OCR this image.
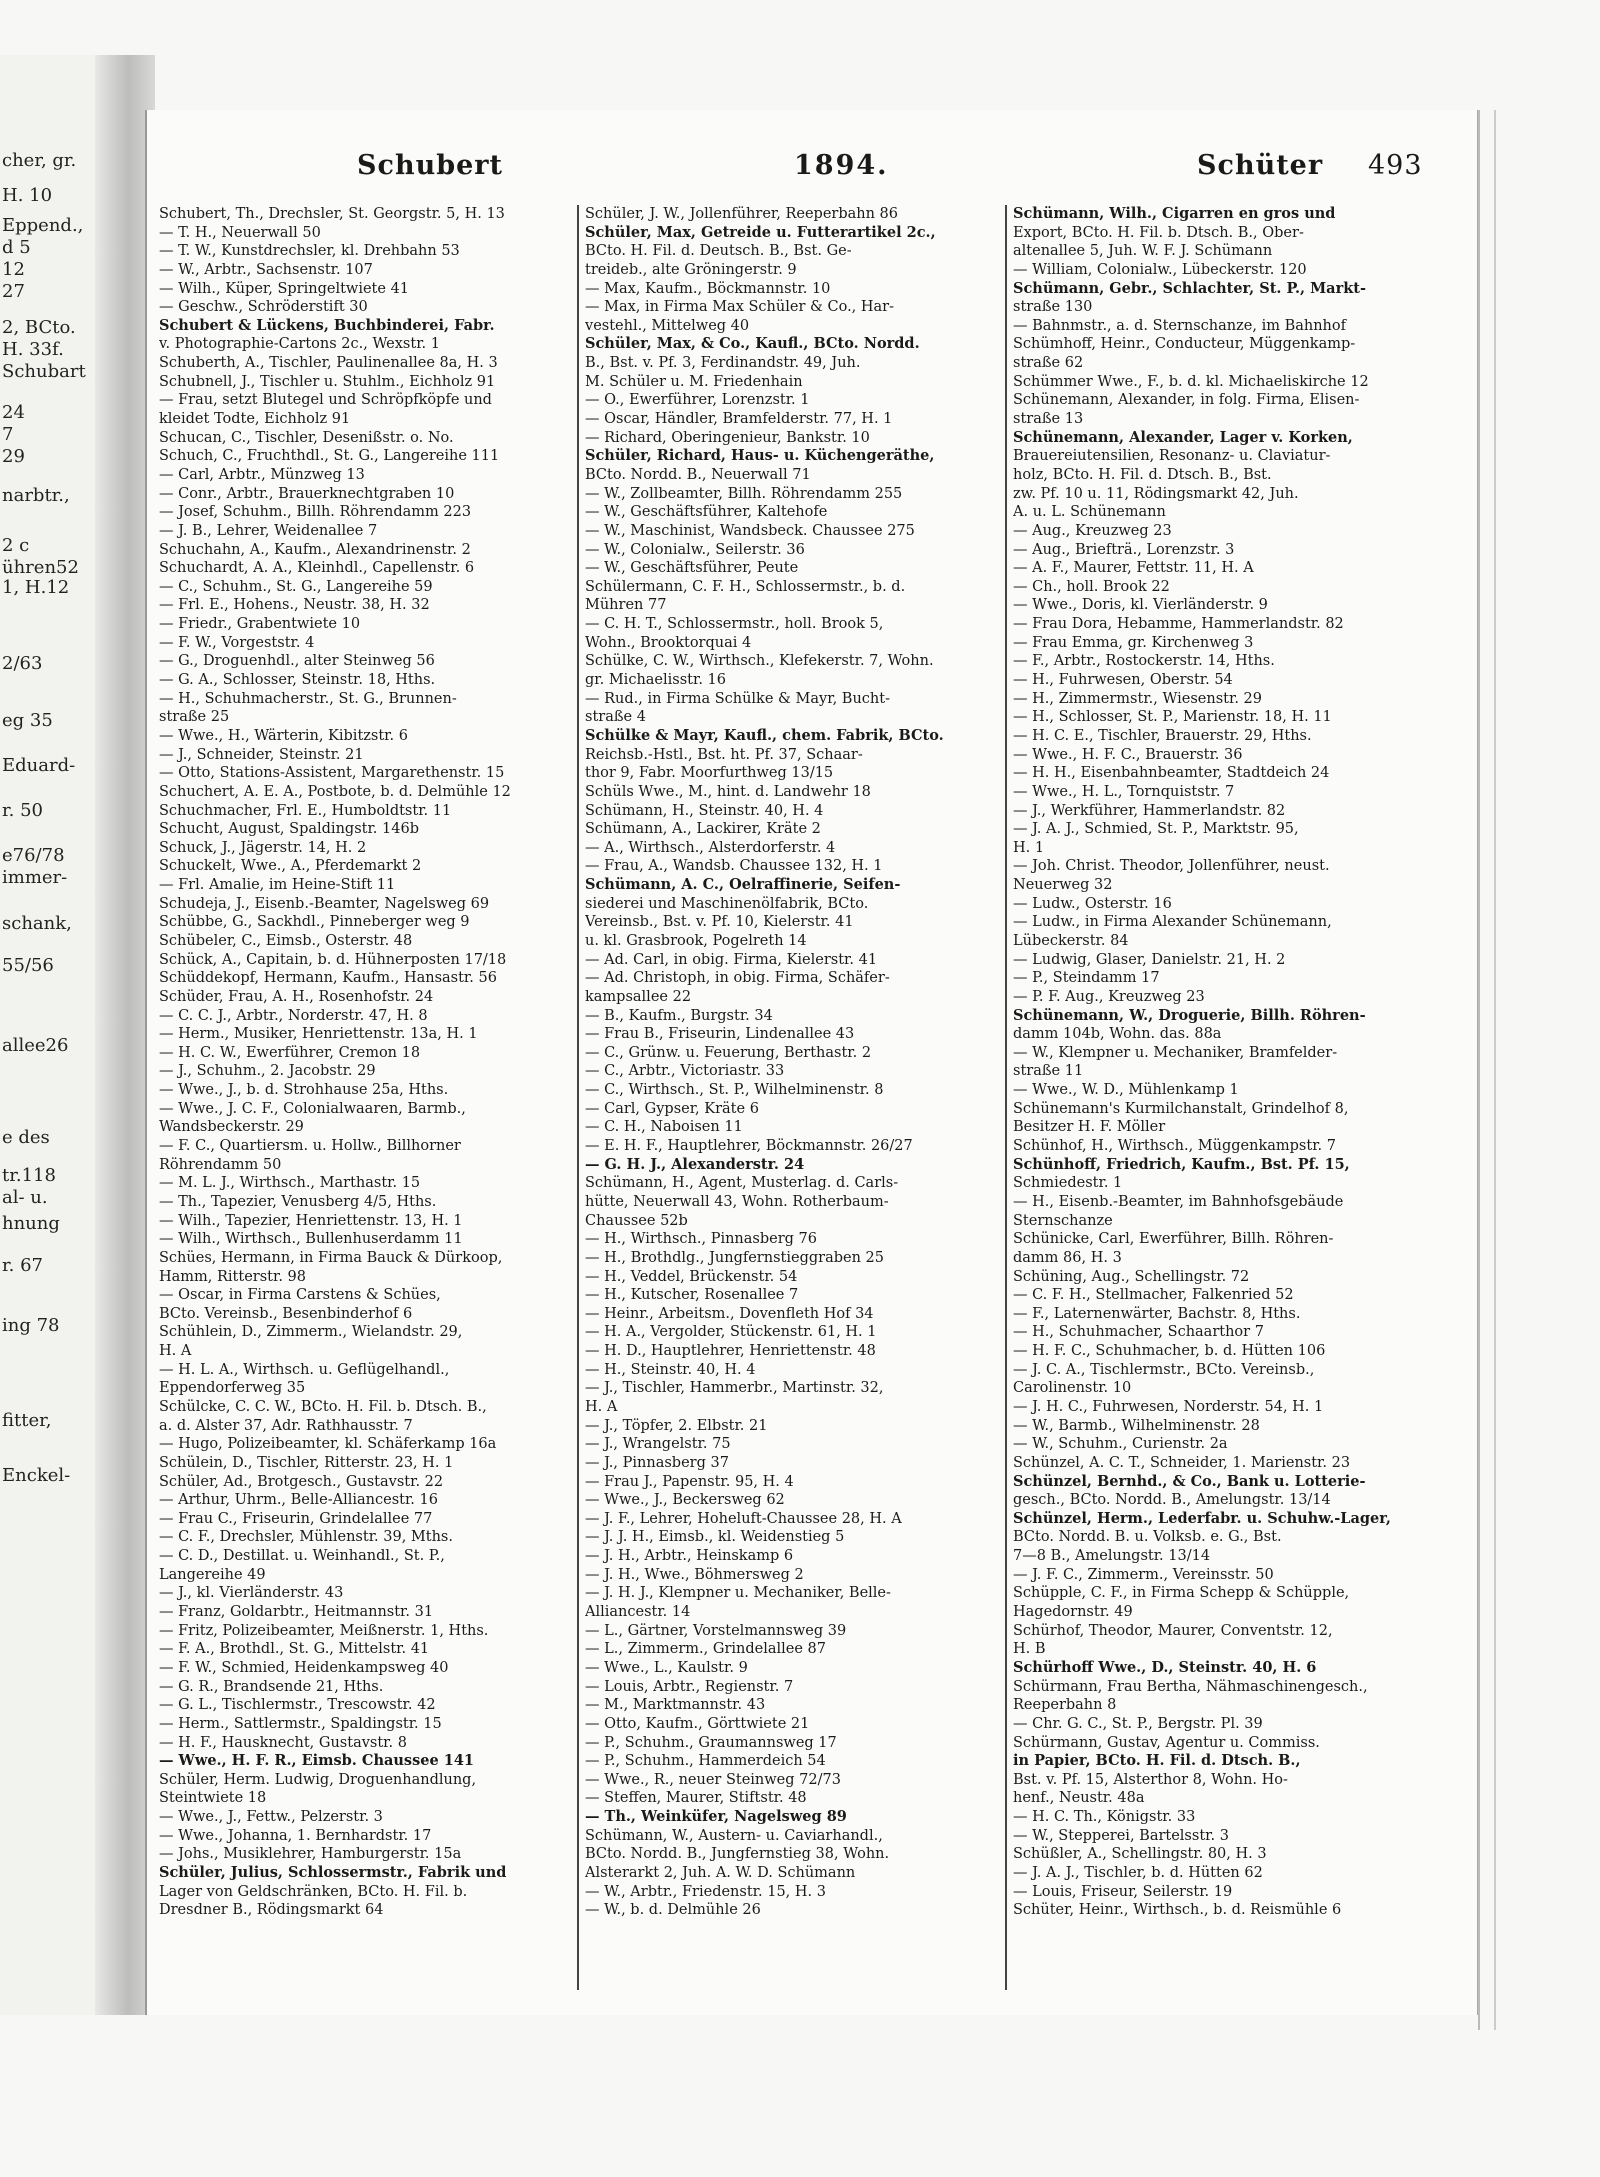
cher, gr.
H. 10
Eppend.,
d 5
12
27
2, BCto.
H. 33f.
Schubart
24
7
29
narbtr.,
2 c
ühren52
1, H.12
2/63
eg 35
Eduard-
r. 50
e76/78
immer-
schank,
55/56
allee26
e des
tr.118
al- u.
hnung
r. 67
ing 78
fitter,
Enckel-
Schubert	1894.	Schüter 493
Schubert, Th., Drechsler, St. Georgstr. 5, H. 13
— T. H., Neuerwall 50
— T. W., Kunstdrechsler, kl. Drehbahn 53
— W., Arbtr., Sachsenstr. 107
— Wilh., Küper, Springeltwiete 41
— Geschw., Schröderstift 30
Schubert & Lückens, Buchbinderei, Fabr.
v. Photographie-Cartons 2c., Wexstr. 1
Schuberth, A., Tischler, Paulinenallee 8a, H. 3
Schubnell, J., Tischler u. Stuhlm., Eichholz 91
— Frau, setzt Blutegel und Schröpfköpfe und
kleidet Todte, Eichholz 91
Schucan, C., Tischler, Desenißstr. o. No.
Schuch, C., Fruchthdl., St. G., Langereihe 111
— Carl, Arbtr., Münzweg 13
— Conr., Arbtr., Brauerknechtgraben 10
— Josef, Schuhm., Billh. Röhrendamm 223
— J. B., Lehrer, Weidenallee 7
Schuchahn, A., Kaufm., Alexandrinenstr. 2
Schuchardt, A. A., Kleinhdl., Capellenstr. 6
— C., Schuhm., St. G., Langereihe 59
— Frl. E., Hohens., Neustr. 38, H. 32
— Friedr., Grabentwiete 10
— F. W., Vorgeststr. 4
— G., Droguenhdl., alter Steinweg 56
— G. A., Schlosser, Steinstr. 18, Hths.
— H., Schuhmacherstr., St. G., Brunnen-
straße 25
— Wwe., H., Wärterin, Kibitzstr. 6
— J., Schneider, Steinstr. 21
— Otto, Stations-Assistent, Margarethenstr. 15
Schuchert, A. E. A., Postbote, b. d. Delmühle 12
Schuchmacher, Frl. E., Humboldtstr. 11
Schucht, August, Spaldingstr. 146b
Schuck, J., Jägerstr. 14, H. 2
Schuckelt, Wwe., A., Pferdemarkt 2
— Frl. Amalie, im Heine-Stift 11
Schudeja, J., Eisenb.-Beamter, Nagelsweg 69
Schübbe, G., Sackhdl., Pinneberger weg 9
Schübeler, C., Eimsb., Osterstr. 48
Schück, A., Capitain, b. d. Hühnerposten 17/18
Schüddekopf, Hermann, Kaufm., Hansastr. 56
Schüder, Frau, A. H., Rosenhofstr. 24
— C. C. J., Arbtr., Norderstr. 47, H. 8
— Herm., Musiker, Henriettenstr. 13a, H. 1
— H. C. W., Ewerführer, Cremon 18
— J., Schuhm., 2. Jacobstr. 29
— Wwe., J., b. d. Strohhause 25a, Hths.
— Wwe., J. C. F., Colonialwaaren, Barmb.,
Wandsbeckerstr. 29
— F. C., Quartiersm. u. Hollw., Billhorner
Röhrendamm 50
— M. L. J., Wirthsch., Marthastr. 15
— Th., Tapezier, Venusberg 4/5, Hths.
— Wilh., Tapezier, Henriettenstr. 13, H. 1
— Wilh., Wirthsch., Bullenhuserdamm 11
Schües, Hermann, in Firma Bauck & Dürkoop,
Hamm, Ritterstr. 98
— Oscar, in Firma Carstens & Schües,
BCto. Vereinsb., Besenbinderhof 6
Schühlein, D., Zimmerm., Wielandstr. 29,
H. A
— H. L. A., Wirthsch. u. Geflügelhandl.,
Eppendorferweg 35
Schülcke, C. C. W., BCto. H. Fil. b. Dtsch. B.,
a. d. Alster 37, Adr. Rathhausstr. 7
— Hugo, Polizeibeamter, kl. Schäferkamp 16a
Schülein, D., Tischler, Ritterstr. 23, H. 1
Schüler, Ad., Brotgesch., Gustavstr. 22
— Arthur, Uhrm., Belle-Alliancestr. 16
— Frau C., Friseurin, Grindelallee 77
— C. F., Drechsler, Mühlenstr. 39, Mths.
— C. D., Destillat. u. Weinhandl., St. P.,
Langereihe 49
— J., kl. Vierländerstr. 43
— Franz, Goldarbtr., Heitmannstr. 31
— Fritz, Polizeibeamter, Meißnerstr. 1, Hths.
— F. A., Brothdl., St. G., Mittelstr. 41
— F. W., Schmied, Heidenkampsweg 40
— G. R., Brandsende 21, Hths.
— G. L., Tischlermstr., Trescowstr. 42
— Herm., Sattlermstr., Spaldingstr. 15
— H. F., Hausknecht, Gustavstr. 8
— Wwe., H. F. R., Eimsb. Chaussee 141
Schüler, Herm. Ludwig, Droguenhandlung,
Steintwiete 18
— Wwe., J., Fettw., Pelzerstr. 3
— Wwe., Johanna, 1. Bernhardstr. 17
— Johs., Musiklehrer, Hamburgerstr. 15a
Schüler, Julius, Schlossermstr., Fabrik und
Lager von Geldschränken, BCto. H. Fil. b.
Dresdner B., Rödingsmarkt 64
Schüler, J. W., Jollenführer, Reeperbahn 86
Schüler, Max, Getreide u. Futterartikel 2c.,
BCto. H. Fil. d. Deutsch. B., Bst. Ge-
treideb., alte Gröningerstr. 9
— Max, Kaufm., Böckmannstr. 10
— Max, in Firma Max Schüler & Co., Har-
vestehl., Mittelweg 40
Schüler, Max, & Co., Kaufl., BCto. Nordd.
B., Bst. v. Pf. 3, Ferdinandstr. 49, Juh.
M. Schüler u. M. Friedenhain
— O., Ewerführer, Lorenzstr. 1
— Oscar, Händler, Bramfelderstr. 77, H. 1
— Richard, Oberingenieur, Bankstr. 10
Schüler, Richard, Haus- u. Küchengeräthe,
BCto. Nordd. B., Neuerwall 71
— W., Zollbeamter, Billh. Röhrendamm 255
— W., Geschäftsführer, Kaltehofe
— W., Maschinist, Wandsbeck. Chaussee 275
— W., Colonialw., Seilerstr. 36
— W., Geschäftsführer, Peute
Schülermann, C. F. H., Schlossermstr., b. d.
Mühren 77
— C. H. T., Schlossermstr., holl. Brook 5,
Wohn., Brooktorquai 4
Schülke, C. W., Wirthsch., Klefekerstr. 7, Wohn.
gr. Michaelisstr. 16
— Rud., in Firma Schülke & Mayr, Bucht-
straße 4
Schülke & Mayr, Kaufl., chem. Fabrik, BCto.
Reichsb.-Hstl., Bst. ht. Pf. 37, Schaar-
thor 9, Fabr. Moorfurthweg 13/15
Schüls Wwe., M., hint. d. Landwehr 18
Schümann, H., Steinstr. 40, H. 4
Schümann, A., Lackirer, Kräte 2
— A., Wirthsch., Alsterdorferstr. 4
— Frau, A., Wandsb. Chaussee 132, H. 1
Schümann, A. C., Oelraffinerie, Seifen-
siederei und Maschinenölfabrik, BCto.
Vereinsb., Bst. v. Pf. 10, Kielerstr. 41
u. kl. Grasbrook, Pogelreth 14
— Ad. Carl, in obig. Firma, Kielerstr. 41
— Ad. Christoph, in obig. Firma, Schäfer-
kampsallee 22
— B., Kaufm., Burgstr. 34
— Frau B., Friseurin, Lindenallee 43
— C., Grünw. u. Feuerung, Berthastr. 2
— C., Arbtr., Victoriastr. 33
— C., Wirthsch., St. P., Wilhelminenstr. 8
— Carl, Gypser, Kräte 6
— C. H., Naboisen 11
— E. H. F., Hauptlehrer, Böckmannstr. 26/27
— G. H. J., Alexanderstr. 24
Schümann, H., Agent, Musterlag. d. Carls-
hütte, Neuerwall 43, Wohn. Rotherbaum-
Chaussee 52b
— H., Wirthsch., Pinnasberg 76
— H., Brothdlg., Jungfernstieggraben 25
— H., Veddel, Brückenstr. 54
— H., Kutscher, Rosenallee 7
— Heinr., Arbeitsm., Dovenfleth Hof 34
— H. A., Vergolder, Stückenstr. 61, H. 1
— H. D., Hauptlehrer, Henriettenstr. 48
— H., Steinstr. 40, H. 4
— J., Tischler, Hammerbr., Martinstr. 32,
H. A
— J., Töpfer, 2. Elbstr. 21
— J., Wrangelstr. 75
— J., Pinnasberg 37
— Frau J., Papenstr. 95, H. 4
— Wwe., J., Beckersweg 62
— J. F., Lehrer, Hoheluft-Chaussee 28, H. A
— J. J. H., Eimsb., kl. Weidenstieg 5
— J. H., Arbtr., Heinskamp 6
— J. H., Wwe., Böhmersweg 2
— J. H. J., Klempner u. Mechaniker, Belle-
Alliancestr. 14
— L., Gärtner, Vorstelmannsweg 39
— L., Zimmerm., Grindelallee 87
— Wwe., L., Kaulstr. 9
— Louis, Arbtr., Regienstr. 7
— M., Marktmannstr. 43
— Otto, Kaufm., Görttwiete 21
— P., Schuhm., Graumannsweg 17
— P., Schuhm., Hammerdeich 54
— Wwe., R., neuer Steinweg 72/73
— Steffen, Maurer, Stiftstr. 48
— Th., Weinküfer, Nagelsweg 89
Schümann, W., Austern- u. Caviarhandl.,
BCto. Nordd. B., Jungfernstieg 38, Wohn.
Alsterarkt 2, Juh. A. W. D. Schümann
— W., Arbtr., Friedenstr. 15, H. 3
— W., b. d. Delmühle 26
Schümann, Wilh., Cigarren en gros und
Export, BCto. H. Fil. b. Dtsch. B., Ober-
altenallee 5, Juh. W. F. J. Schümann
— William, Colonialw., Lübeckerstr. 120
Schümann, Gebr., Schlachter, St. P., Markt-
straße 130
— Bahnmstr., a. d. Sternschanze, im Bahnhof
Schümhoff, Heinr., Conducteur, Müggenkamp-
straße 62
Schümmer Wwe., F., b. d. kl. Michaeliskirche 12
Schünemann, Alexander, in folg. Firma, Elisen-
straße 13
Schünemann, Alexander, Lager v. Korken,
Brauereiutensilien, Resonanz- u. Claviatur-
holz, BCto. H. Fil. d. Dtsch. B., Bst.
zw. Pf. 10 u. 11, Rödingsmarkt 42, Juh.
A. u. L. Schünemann
— Aug., Kreuzweg 23
— Aug., Briefträ., Lorenzstr. 3
— A. F., Maurer, Fettstr. 11, H. A
— Ch., holl. Brook 22
— Wwe., Doris, kl. Vierländerstr. 9
— Frau Dora, Hebamme, Hammerlandstr. 82
— Frau Emma, gr. Kirchenweg 3
— F., Arbtr., Rostockerstr. 14, Hths.
— H., Fuhrwesen, Oberstr. 54
— H., Zimmermstr., Wiesenstr. 29
— H., Schlosser, St. P., Marienstr. 18, H. 11
— H. C. E., Tischler, Brauerstr. 29, Hths.
— Wwe., H. F. C., Brauerstr. 36
— H. H., Eisenbahnbeamter, Stadtdeich 24
— Wwe., H. L., Tornquiststr. 7
— J., Werkführer, Hammerlandstr. 82
— J. A. J., Schmied, St. P., Marktstr. 95,
H. 1
— Joh. Christ. Theodor, Jollenführer, neust.
Neuerweg 32
— Ludw., Osterstr. 16
— Ludw., in Firma Alexander Schünemann,
Lübeckerstr. 84
— Ludwig, Glaser, Danielstr. 21, H. 2
— P., Steindamm 17
— P. F. Aug., Kreuzweg 23
Schünemann, W., Droguerie, Billh. Röhren-
damm 104b, Wohn. das. 88a
— W., Klempner u. Mechaniker, Bramfelder-
straße 11
— Wwe., W. D., Mühlenkamp 1
Schünemann's Kurmilchanstalt, Grindelhof 8,
Besitzer H. F. Möller
Schünhof, H., Wirthsch., Müggenkampstr. 7
Schünhoff, Friedrich, Kaufm., Bst. Pf. 15,
Schmiedestr. 1
— H., Eisenb.-Beamter, im Bahnhofsgebäude
Sternschanze
Schünicke, Carl, Ewerführer, Billh. Röhren-
damm 86, H. 3
Schüning, Aug., Schellingstr. 72
— C. F. H., Stellmacher, Falkenried 52
— F., Laternenwärter, Bachstr. 8, Hths.
— H., Schuhmacher, Schaarthor 7
— H. F. C., Schuhmacher, b. d. Hütten 106
— J. C. A., Tischlermstr., BCto. Vereinsb.,
Carolinenstr. 10
— J. H. C., Fuhrwesen, Norderstr. 54, H. 1
— W., Barmb., Wilhelminenstr. 28
— W., Schuhm., Curienstr. 2a
Schünzel, A. C. T., Schneider, 1. Marienstr. 23
Schünzel, Bernhd., & Co., Bank u. Lotterie-
gesch., BCto. Nordd. B., Amelungstr. 13/14
Schünzel, Herm., Lederfabr. u. Schuhw.-Lager,
BCto. Nordd. B. u. Volksb. e. G., Bst.
7—8 B., Amelungstr. 13/14
— J. F. C., Zimmerm., Vereinsstr. 50
Schüpple, C. F., in Firma Schepp & Schüpple,
Hagedornstr. 49
Schürhof, Theodor, Maurer, Conventstr. 12,
H. B
Schürhoff Wwe., D., Steinstr. 40, H. 6
Schürmann, Frau Bertha, Nähmaschinengesch.,
Reeperbahn 8
— Chr. G. C., St. P., Bergstr. Pl. 39
Schürmann, Gustav, Agentur u. Commiss.
in Papier, BCto. H. Fil. d. Dtsch. B.,
Bst. v. Pf. 15, Alsterthor 8, Wohn. Ho-
henf., Neustr. 48a
— H. C. Th., Königstr. 33
— W., Stepperei, Bartelsstr. 3
Schüßler, A., Schellingstr. 80, H. 3
— J. A. J., Tischler, b. d. Hütten 62
— Louis, Friseur, Seilerstr. 19
Schüter, Heinr., Wirthsch., b. d. Reismühle 6
